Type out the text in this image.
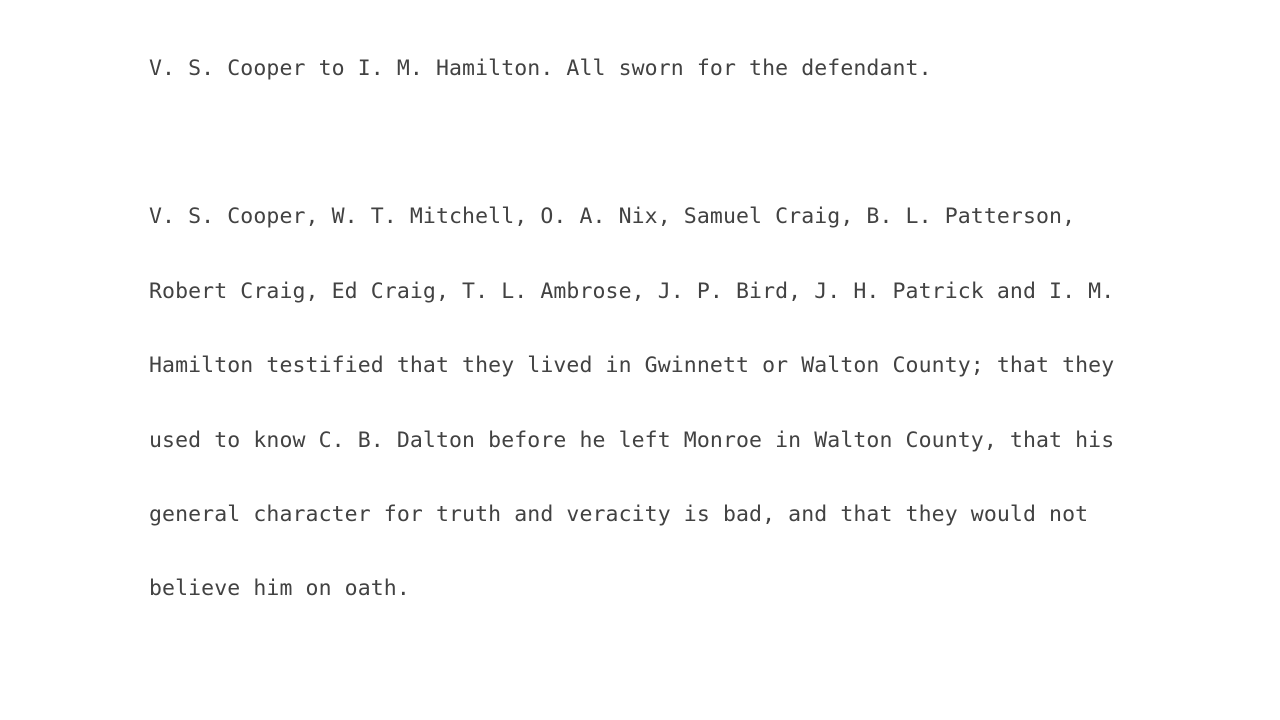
V. S. Cooper to I. M. Hamilton. All sworn for the defendant.

V. S. Cooper, W. T. Mitchell, O. A. Nix, Samuel Craig, B. L. Patterson,

Robert Craig, Ed Craig, T. L. Ambrose, J. P. Bird, J. H. Patrick and I. M.

Hamilton testified that they lived in Gwinnett or Walton County; that they

used to know C. B. Dalton before he left Monroe in Walton County, that his

general character for truth and veracity is bad, and that they would not

believe him on oath.
